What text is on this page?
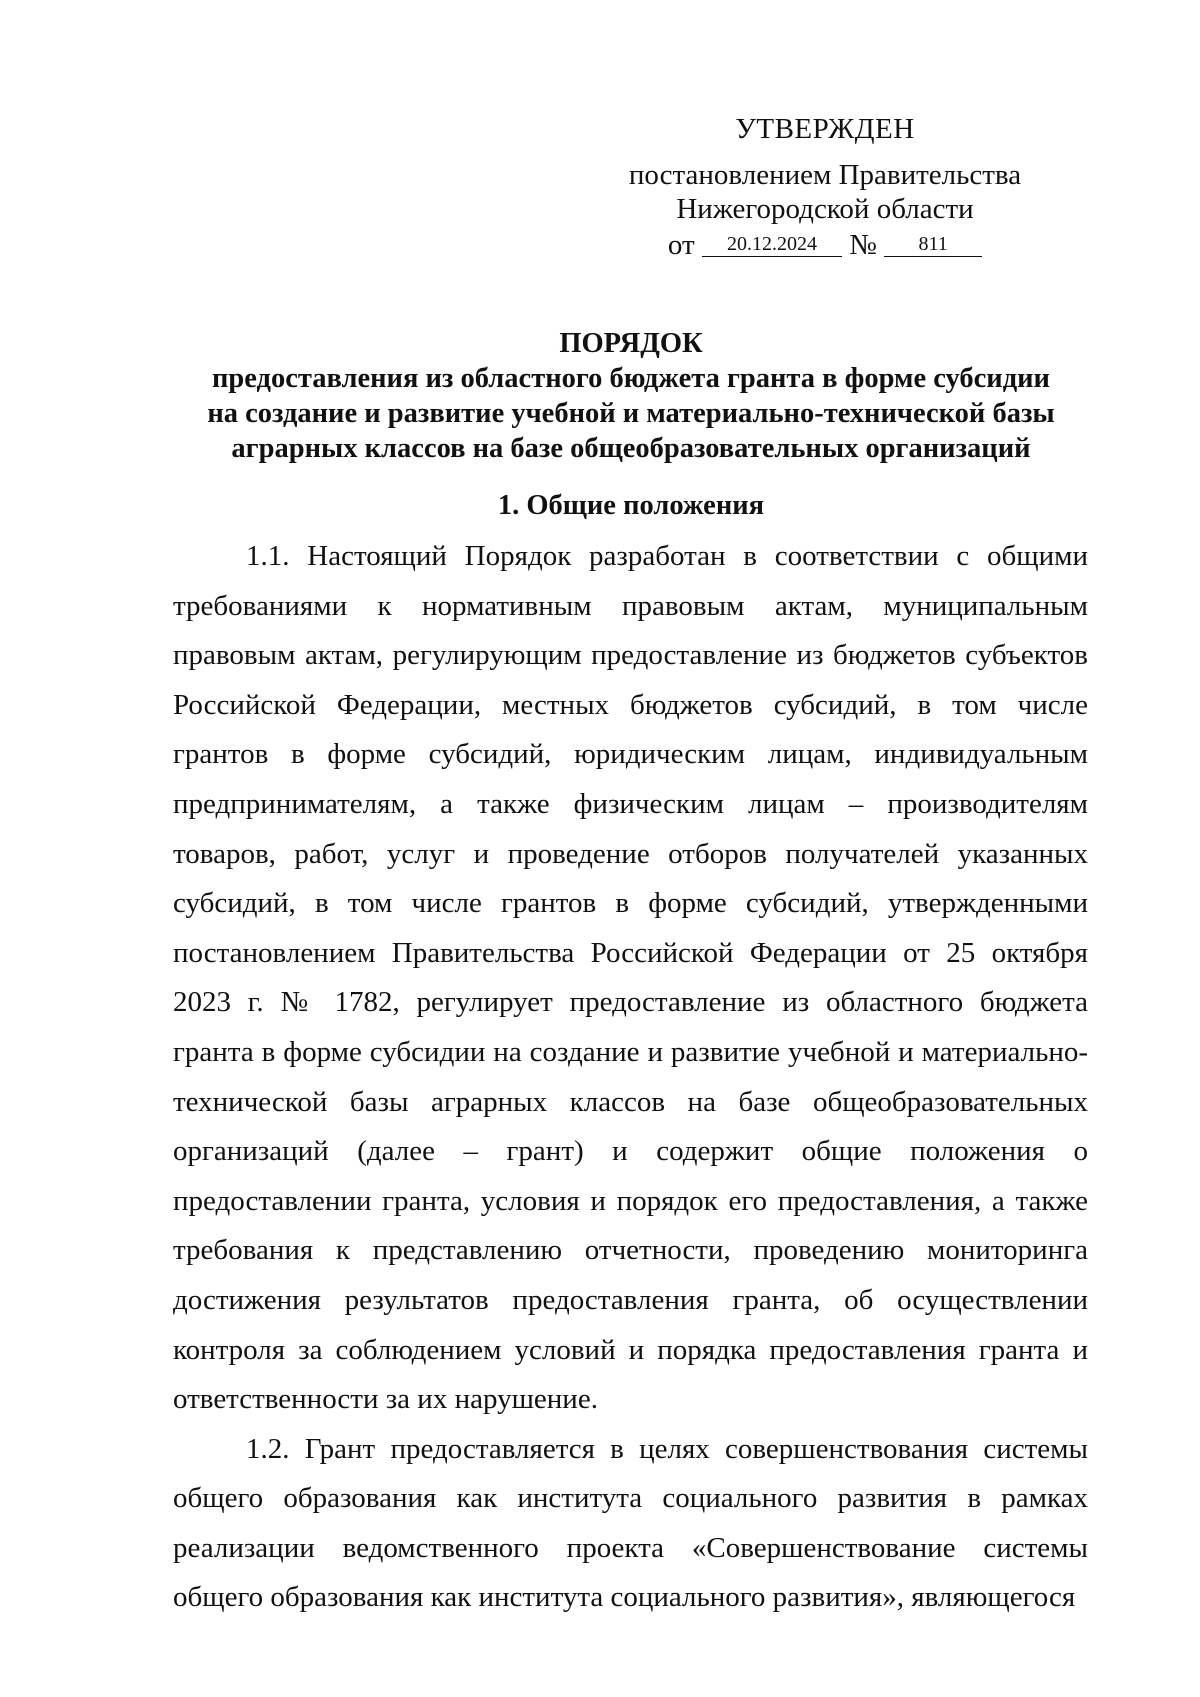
УТВЕРЖДЕН
постановлением Правительства
Нижегородской области
от 20.12.2024 № 811
ПОРЯДОК
предоставления из областного бюджета гранта в форме субсидии
на создание и развитие учебной и материально-технической базы
аграрных классов на базе общеобразовательных организаций
1. Общие положения

1.1. Настоящий Порядок разработан в соответствии с общими требованиями к нормативным правовым актам, муниципальным правовым актам, регулирующим предоставление из бюджетов субъектов Российской Федерации, местных бюджетов субсидий, в том числе грантов в форме субсидий, юридическим лицам, индивидуальным предпринимателям, а также физическим лицам – производителям товаров, работ, услуг и проведение отборов получателей указанных субсидий, в том числе грантов в форме субсидий, утвержденными постановлением Правительства Российской Федерации от 25 октября 2023 г. № 1782, регулирует предоставление из областного бюджета гранта в форме субсидии на создание и развитие учебной и материально-технической базы аграрных классов на базе общеобразовательных организаций (далее – грант) и содержит общие положения о предоставлении гранта, условия и порядок его предоставления, а также требования к представлению отчетности, проведению мониторинга достижения результатов предоставления гранта, об осуществлении контроля за соблюдением условий и порядка предоставления гранта и ответственности за их нарушение.

1.2. Грант предоставляется в целях совершенствования системы общего образования как института социального развития в рамках реализации ведомственного проекта «Совершенствование системы общего образования как института социального развития», являющегося
